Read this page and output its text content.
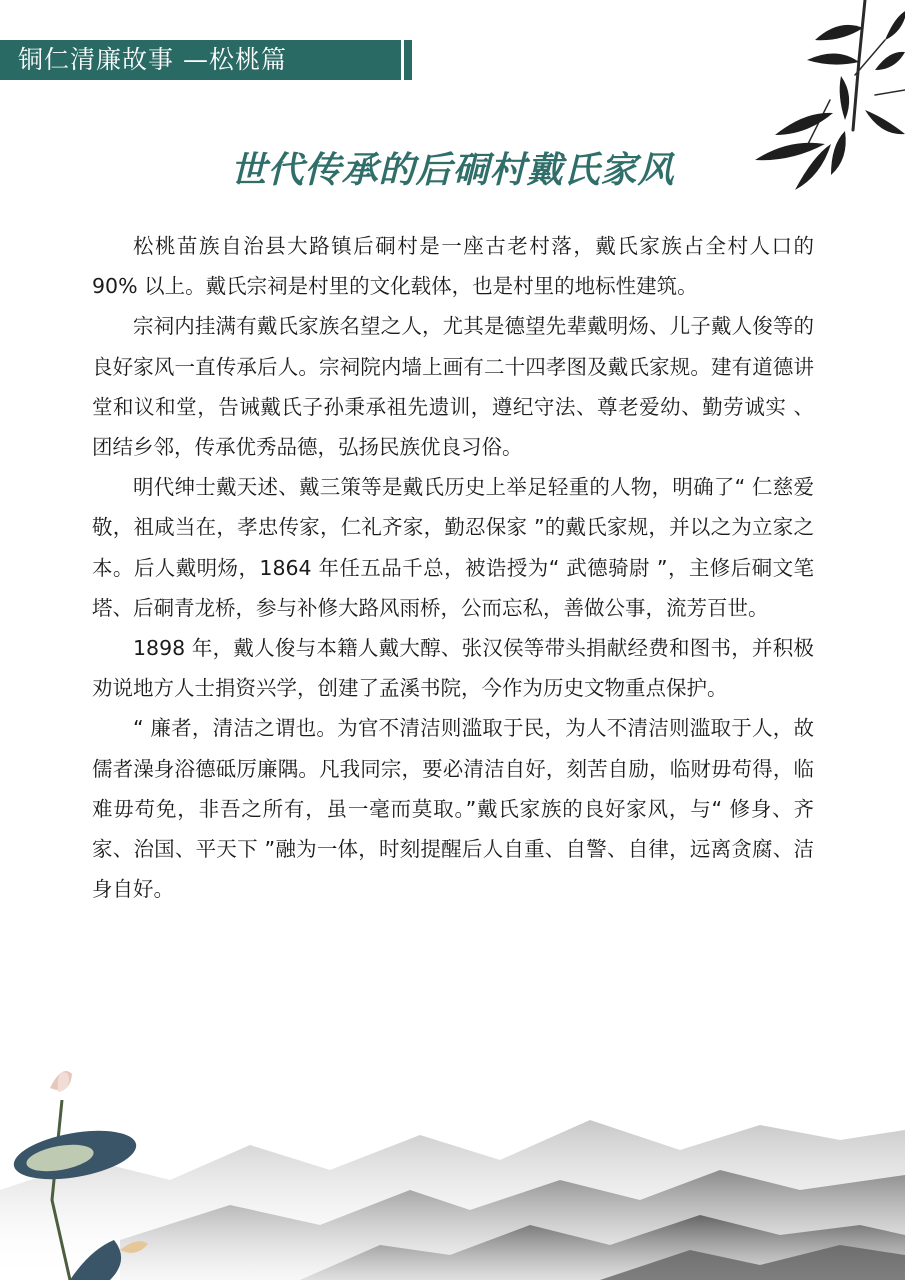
铜仁清廉故事 —松桃篇
世代传承的后硐村戴氏家风

松桃苗族自治县大路镇后硐村是一座古老村落，戴氏家族占全村人口的 90% 以上。戴氏宗祠是村里的文化载体，也是村里的地标性建筑。

宗祠内挂满有戴氏家族名望之人，尤其是德望先辈戴明炀、儿子戴人俊等的良好家风一直传承后人。宗祠院内墙上画有二十四孝图及戴氏家规。建有道德讲堂和议和堂，告诫戴氏子孙秉承祖先遗训，遵纪守法、尊老爱幼、勤劳诚实 、团结乡邻，传承优秀品德，弘扬民族优良习俗。

明代绅士戴天述、戴三策等是戴氏历史上举足轻重的人物，明确了“ 仁慈爱敬，祖咸当在，孝忠传家，仁礼齐家，勤忍保家 ”的戴氏家规，并以之为立家之本。后人戴明炀，1864 年任五品千总，被诰授为“ 武德骑尉 ”，主修后硐文笔塔、后硐青龙桥，参与补修大路风雨桥，公而忘私，善做公事，流芳百世。

1898 年，戴人俊与本籍人戴大醇、张汉侯等带头捐献经费和图书，并积极劝说地方人士捐资兴学，创建了孟溪书院，今作为历史文物重点保护。

“ 廉者，清洁之谓也。为官不清洁则滥取于民，为人不清洁则滥取于人，故儒者澡身浴德砥厉廉隅。凡我同宗，要必清洁自好，刻苦自励，临财毋苟得，临难毋苟免，非吾之所有，虽一毫而莫取。”戴氏家族的良好家风，与“ 修身、齐家、治国、平天下 ”融为一体，时刻提醒后人自重、自警、自律，远离贪腐、洁身自好。
